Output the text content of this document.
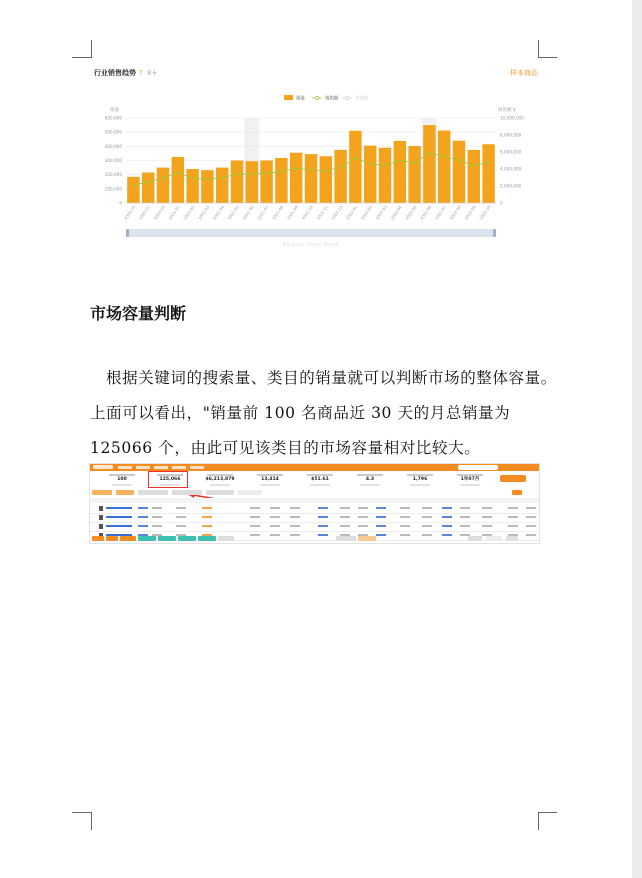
行业销售趋势 ? 8+	样本商品
600,000
500,000
400,000
300,000
200,000
100,000
0
10,000,000
8,000,000
6,000,000
4,000,000
2,000,000
0
销量	销售额 $
销量	销售额	平均价
2020-10 2020-11 2020-12 2021-01 2021-02 2021-03 2021-04 2021-05 2021-06 2021-07 2021-08 2021-09 2021-10 2021-11 2021-12 2022-01 2022-02 2022-03 2022-04 2022-05 2022-06 2022-07 2022-08 2022-09 2022-10
Amazon Sales Trend
市场容量判断
根据关键词的搜索量、类目的销量就可以判断市场的整体容量。
上面可以看出，"销量前 100 名商品近 30 天的月总销量为
125066 个，由此可见该类目的市场容量相对比较大。
100	125,066	$6,213,879	13,414	$51.61	4.3	1,796	1年07月
